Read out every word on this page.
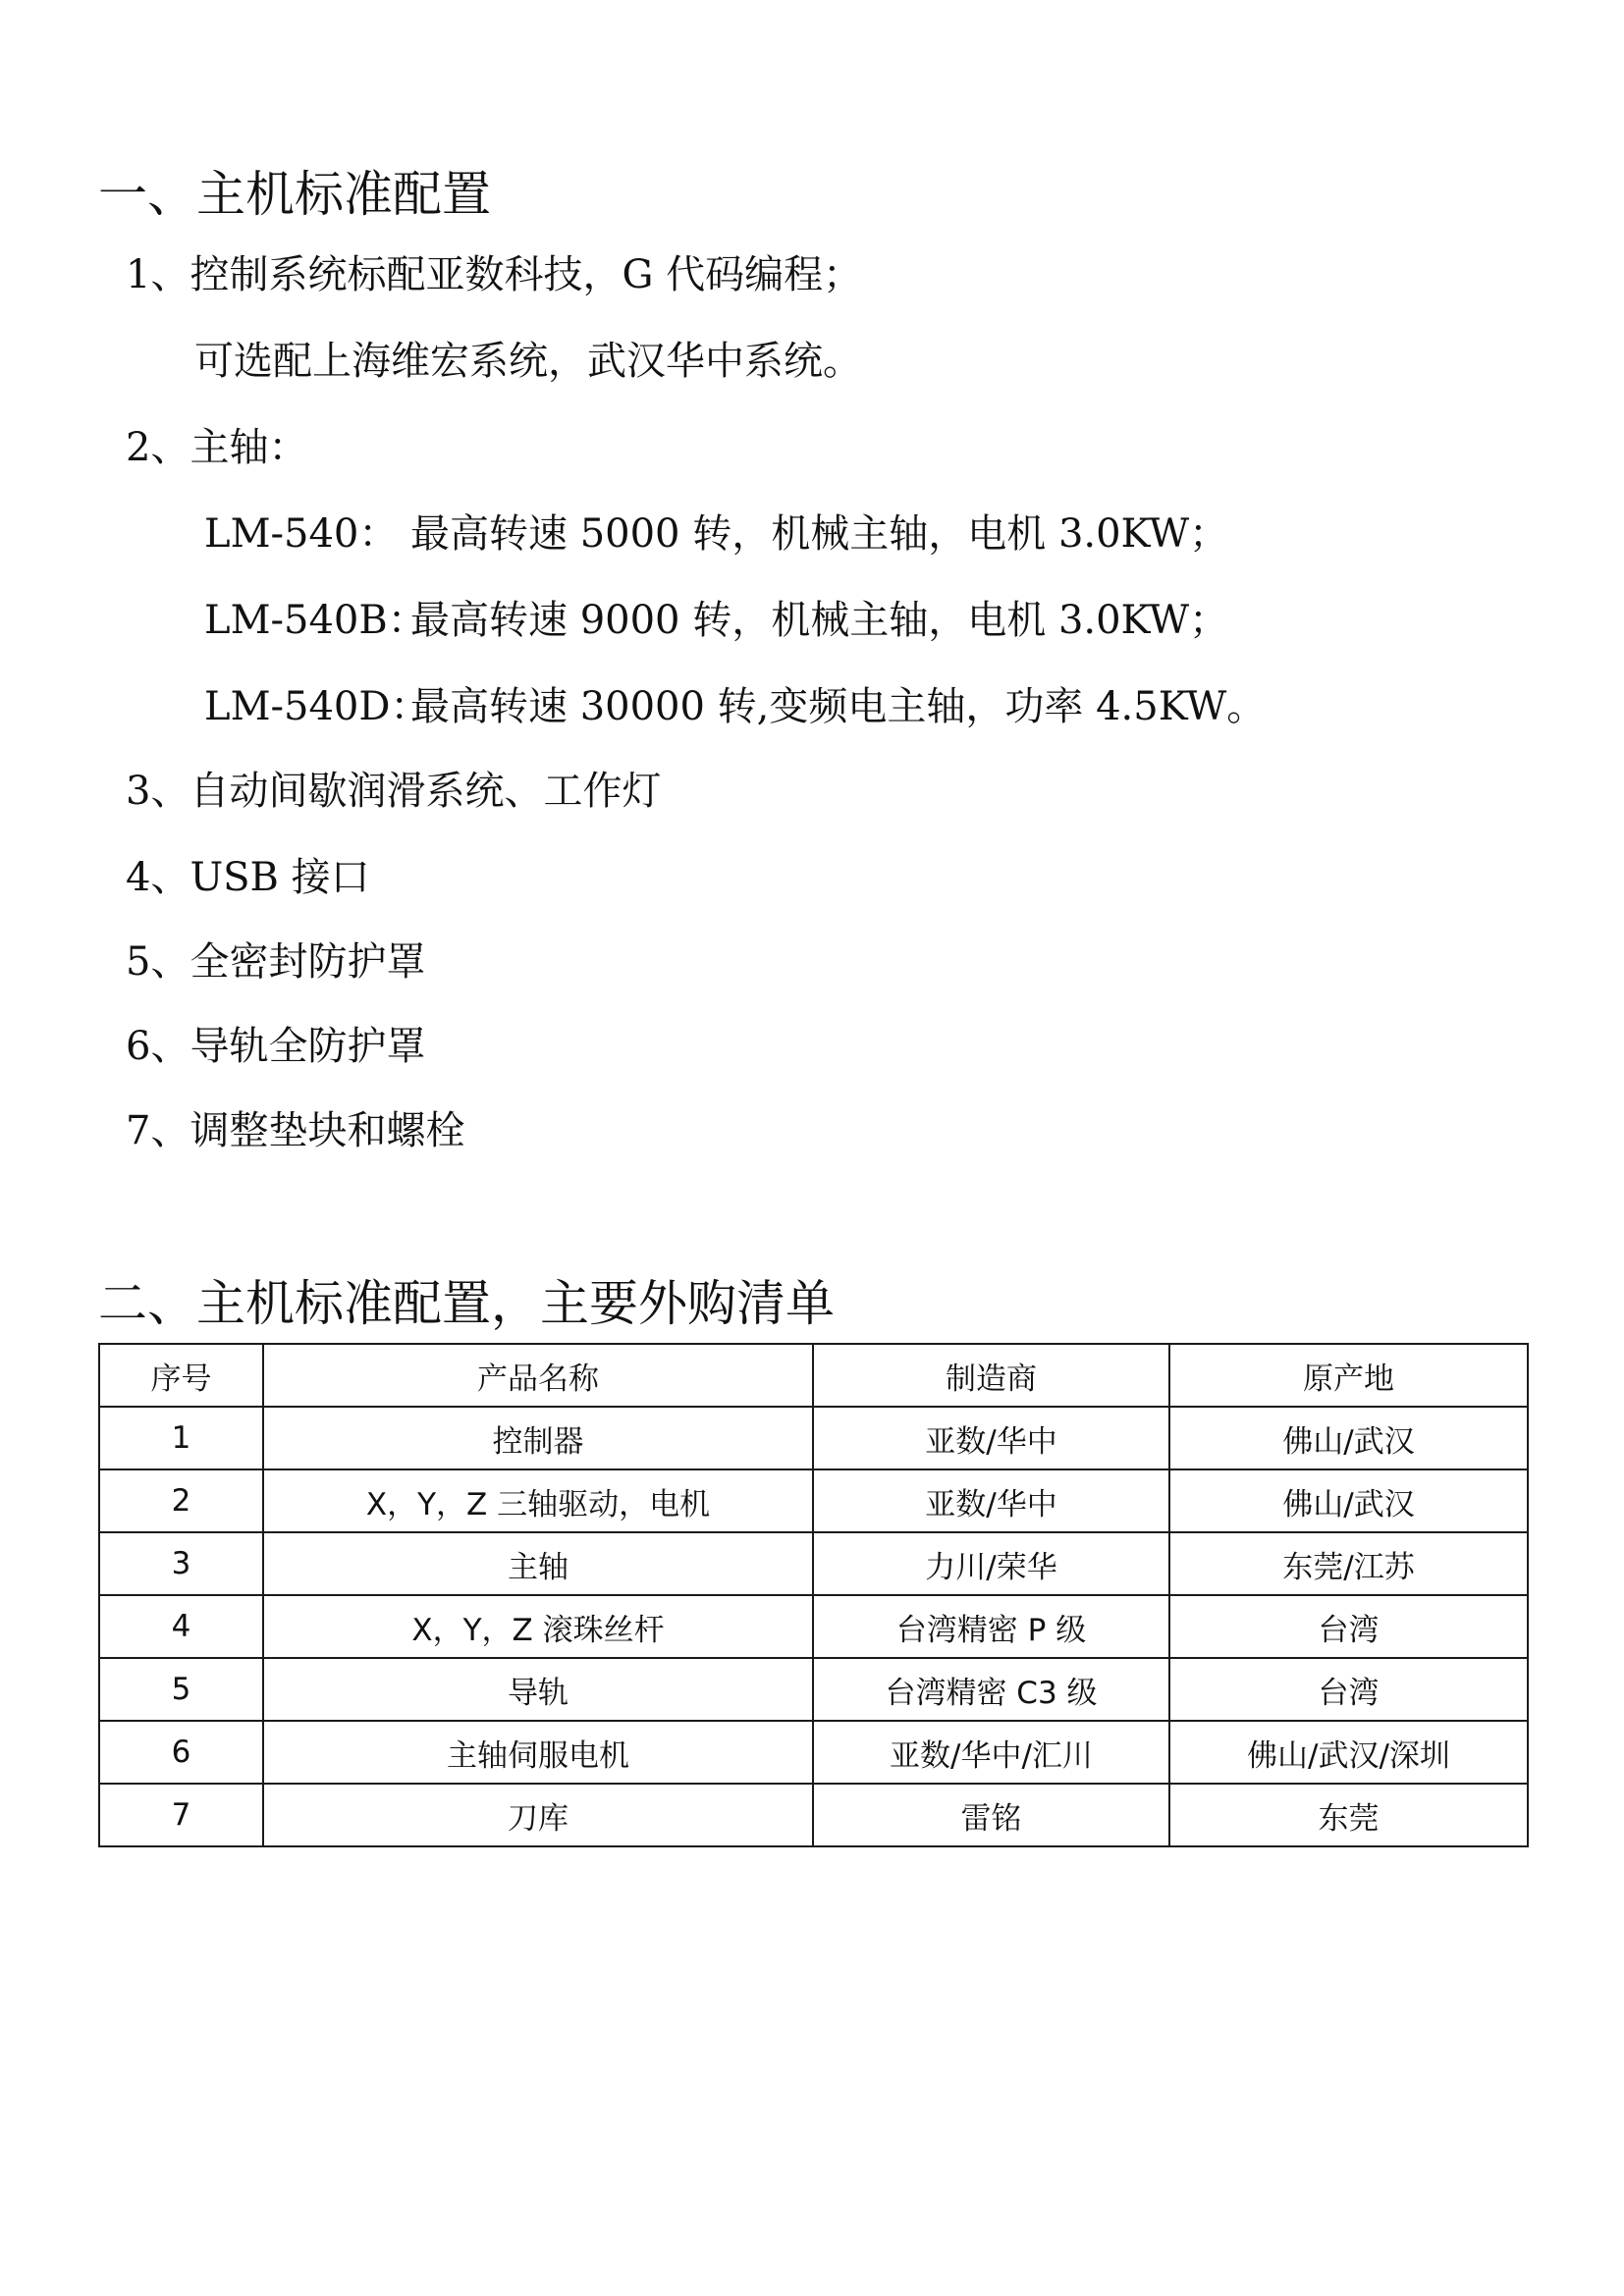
一、主机标准配置
1、控制系统标配亚数科技，G 代码编程；
可选配上海维宏系统，武汉华中系统。
2、主轴：
LM-540： 最高转速 5000 转，机械主轴，电机 3.0KW；
LM-540B：最高转速 9000 转，机械主轴，电机 3.0KW；
LM-540D：最高转速 30000 转,变频电主轴，功率 4.5KW。
3、自动间歇润滑系统、工作灯
4、USB 接口
5、全密封防护罩
6、导轨全防护罩
7、调整垫块和螺栓
二、主机标准配置，主要外购清单
序号	产品名称	制造商	原产地
1	控制器	亚数/华中	佛山/武汉
2	X，Y，Z 三轴驱动，电机	亚数/华中	佛山/武汉
3	主轴	力川/荣华	东莞/江苏
4	X，Y，Z 滚珠丝杆	台湾精密 P 级	台湾
5	导轨	台湾精密 C3 级	台湾
6	主轴伺服电机	亚数/华中/汇川	佛山/武汉/深圳
7	刀库	雷铭	东莞
